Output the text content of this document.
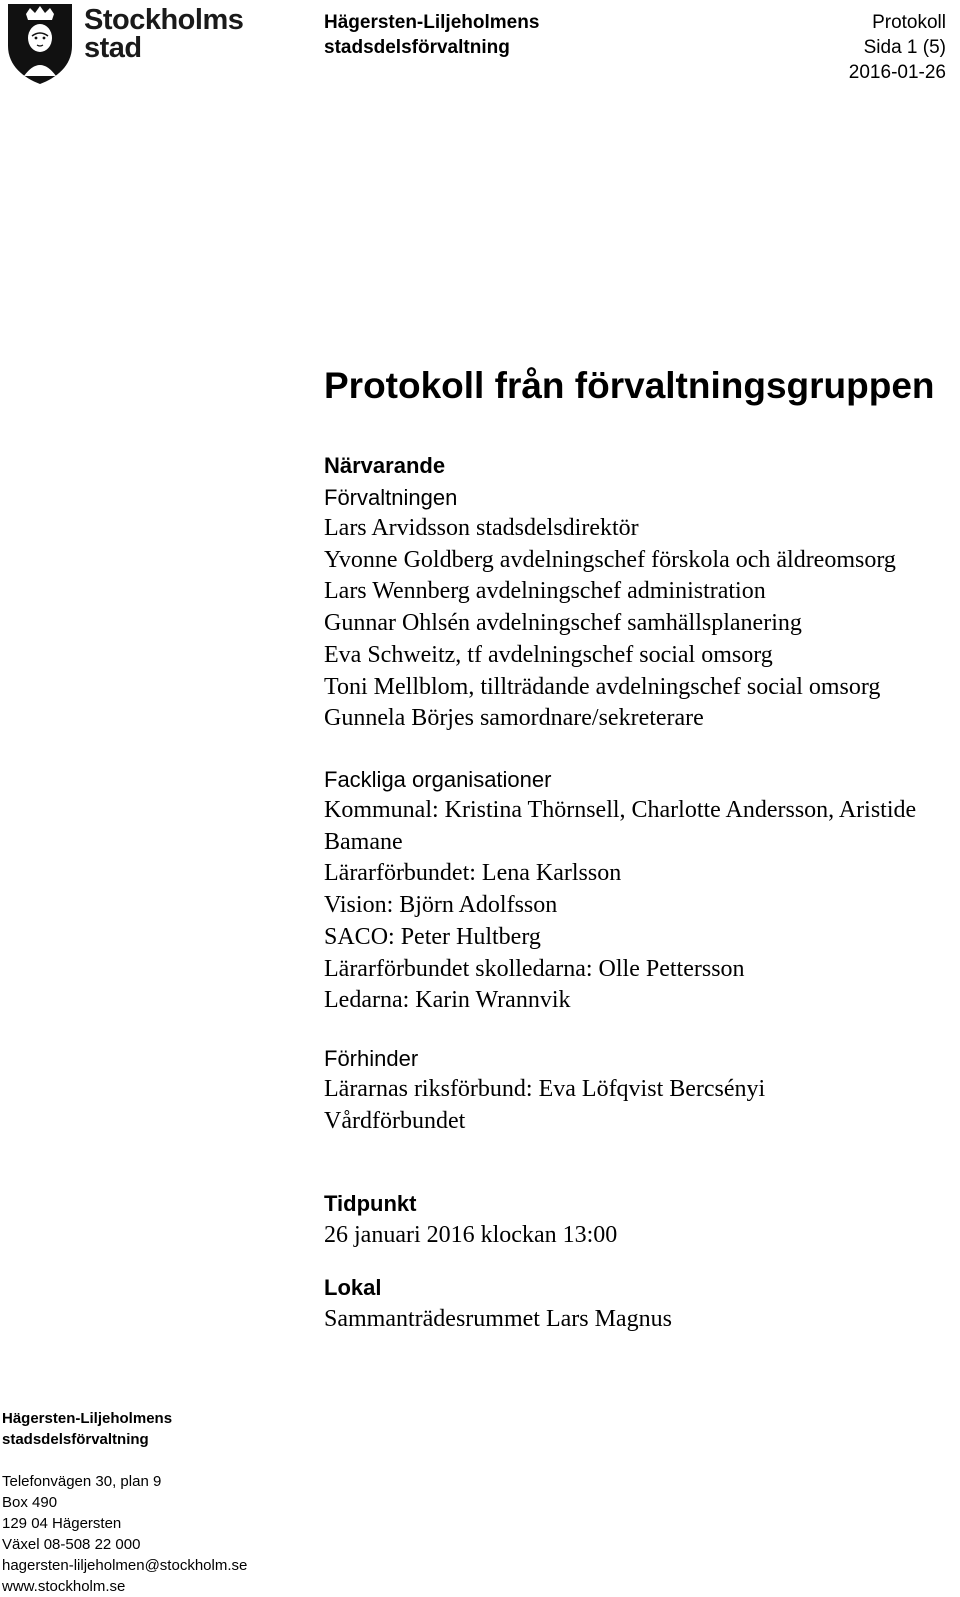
Stockholms
stad
Hägersten-Liljeholmens
stadsdelsförvaltning
Protokoll
Sida 1 (5)
2016-01-26
Protokoll från förvaltningsgruppen
Närvarande
Förvaltningen
Lars Arvidsson stadsdelsdirektör
Yvonne Goldberg avdelningschef förskola och äldreomsorg
Lars Wennberg avdelningschef administration
Gunnar Ohlsén avdelningschef samhällsplanering
Eva Schweitz, tf avdelningschef social omsorg
Toni Mellblom, tillträdande avdelningschef social omsorg
Gunnela Börjes samordnare/sekreterare
Fackliga organisationer
Kommunal: Kristina Thörnsell, Charlotte Andersson, Aristide
Bamane
Lärarförbundet: Lena Karlsson
Vision: Björn Adolfsson
SACO: Peter Hultberg
Lärarförbundet skolledarna: Olle Pettersson
Ledarna: Karin Wrannvik
Förhinder
Lärarnas riksförbund: Eva Löfqvist Bercsényi
Vårdförbundet
Tidpunkt
26 januari 2016 klockan 13:00
Lokal
Sammanträdesrummet Lars Magnus
Hägersten-Liljeholmens
stadsdelsförvaltning
Telefonvägen 30, plan 9
Box 490
129 04 Hägersten
Växel 08-508 22 000
hagersten-liljeholmen@stockholm.se
www.stockholm.se
